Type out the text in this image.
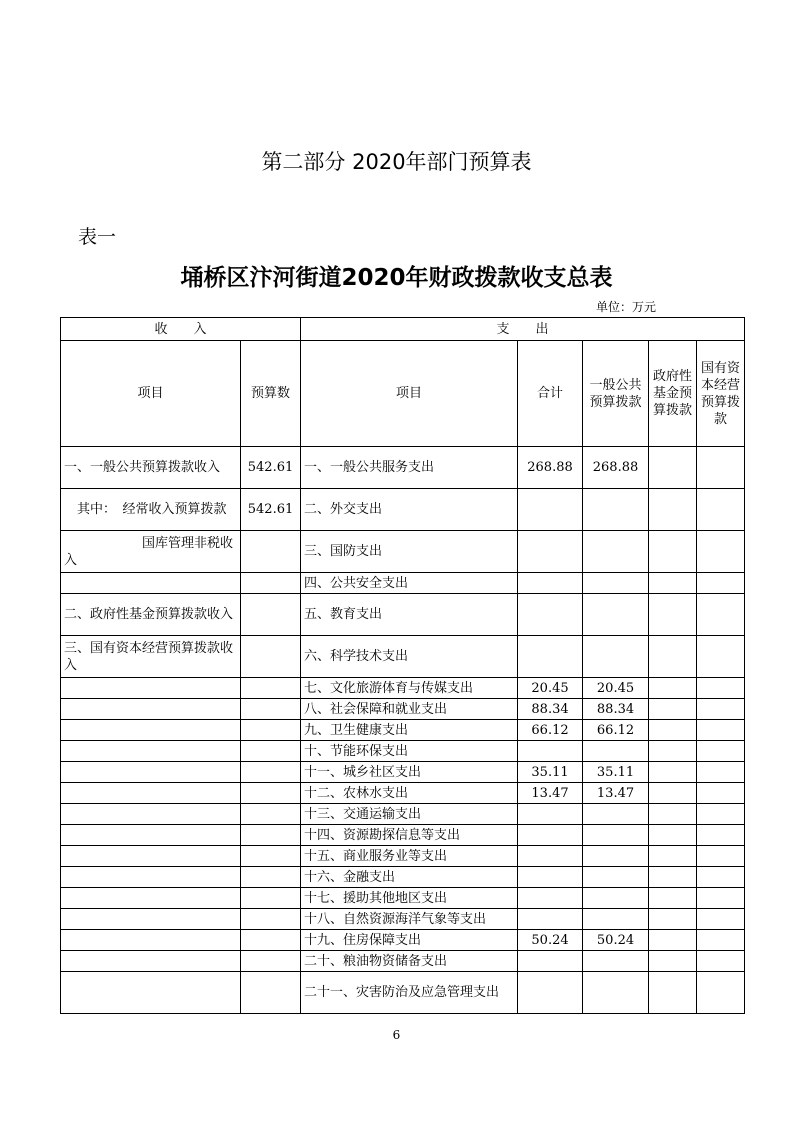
第二部分 2020年部门预算表
表一
埇桥区汴河街道2020年财政拨款收支总表
单位：万元
收　　入		支　　出				
项目	预算数	项目	合计	一般公共预算拨款	政府性基金预算拨款	国有资本经营预算拨款
一、一般公共预算拨款收入	542.61	一、一般公共服务支出	268.88	268.88		
　其中：　经常收入预算拨款	542.61	二、外交支出				
　　　　　　国库管理非税收入		三、国防支出				
		四、公共安全支出				
二、政府性基金预算拨款收入		五、教育支出				
三、国有资本经营预算拨款收入		六、科学技术支出				
		七、文化旅游体育与传媒支出	20.45	20.45		
		八、社会保障和就业支出	88.34	88.34		
		九、卫生健康支出	66.12	66.12		
		十、节能环保支出				
		十一、城乡社区支出	35.11	35.11		
		十二、农林水支出	13.47	13.47		
		十三、交通运输支出				
		十四、资源勘探信息等支出				
		十五、商业服务业等支出				
		十六、金融支出				
		十七、援助其他地区支出				
		十八、自然资源海洋气象等支出				
		十九、住房保障支出	50.24	50.24		
		二十、粮油物资储备支出				
		二十一、灾害防治及应急管理支出				
6
